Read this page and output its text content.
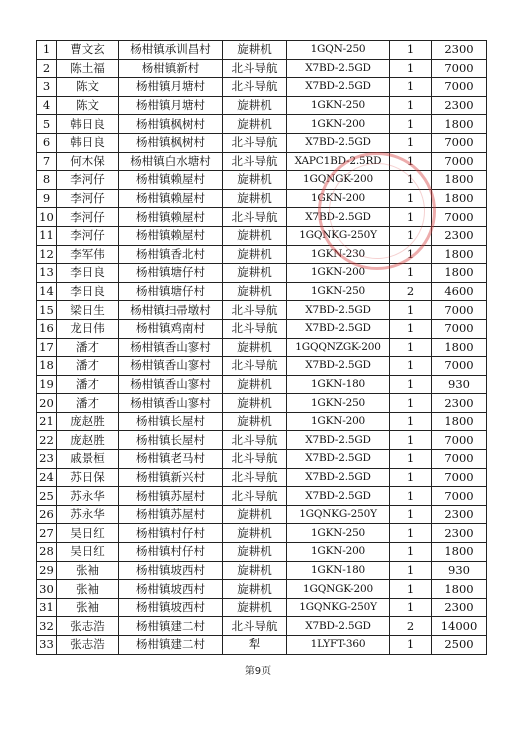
1	曹文玄	杨柑镇承训昌村	旋耕机	1GQN-250	1	2300
2	陈土福	杨柑镇新村	北斗导航	X7BD-2.5GD	1	7000
3	陈文	杨柑镇月塘村	北斗导航	X7BD-2.5GD	1	7000
4	陈文	杨柑镇月塘村	旋耕机	1GKN-250	1	2300
5	韩日良	杨柑镇枫树村	旋耕机	1GKN-200	1	1800
6	韩日良	杨柑镇枫树村	北斗导航	X7BD-2.5GD	1	7000
7	何木保	杨柑镇白水塘村	北斗导航	XAPC1BD-2.5RD	1	7000
8	李河仔	杨柑镇赖屋村	旋耕机	1GQNGK-200	1	1800
9	李河仔	杨柑镇赖屋村	旋耕机	1GKN-200	1	1800
10	李河仔	杨柑镇赖屋村	北斗导航	X7BD-2.5GD	1	7000
11	李河仔	杨柑镇赖屋村	旋耕机	1GQNKG-250Y	1	2300
12	李军伟	杨柑镇香北村	旋耕机	1GKN-230	1	1800
13	李日良	杨柑镇塘仔村	旋耕机	1GKN-200	1	1800
14	李日良	杨柑镇塘仔村	旋耕机	1GKN-250	2	4600
15	梁日生	杨柑镇扫帚墩村	北斗导航	X7BD-2.5GD	1	7000
16	龙日伟	杨柑镇鸡南村	北斗导航	X7BD-2.5GD	1	7000
17	潘才	杨柑镇香山寥村	旋耕机	1GQQNZGK-200	1	1800
18	潘才	杨柑镇香山寥村	北斗导航	X7BD-2.5GD	1	7000
19	潘才	杨柑镇香山寥村	旋耕机	1GKN-180	1	930
20	潘才	杨柑镇香山寥村	旋耕机	1GKN-250	1	2300
21	庞赵胜	杨柑镇长屋村	旋耕机	1GKN-200	1	1800
22	庞赵胜	杨柑镇长屋村	北斗导航	X7BD-2.5GD	1	7000
23	戚景桓	杨柑镇老马村	北斗导航	X7BD-2.5GD	1	7000
24	苏日保	杨柑镇新兴村	北斗导航	X7BD-2.5GD	1	7000
25	苏永华	杨柑镇苏屋村	北斗导航	X7BD-2.5GD	1	7000
26	苏永华	杨柑镇苏屋村	旋耕机	1GQNKG-250Y	1	2300
27	吴日红	杨柑镇村仔村	旋耕机	1GKN-250	1	2300
28	吴日红	杨柑镇村仔村	旋耕机	1GKN-200	1	1800
29	张袖	杨柑镇坡西村	旋耕机	1GKN-180	1	930
30	张袖	杨柑镇坡西村	旋耕机	1GQNGK-200	1	1800
31	张袖	杨柑镇坡西村	旋耕机	1GQNKG-250Y	1	2300
32	张志浩	杨柑镇建二村	北斗导航	X7BD-2.5GD	2	14000
33	张志浩	杨柑镇建二村	犁	1LYFT-360	1	2500
第9页
